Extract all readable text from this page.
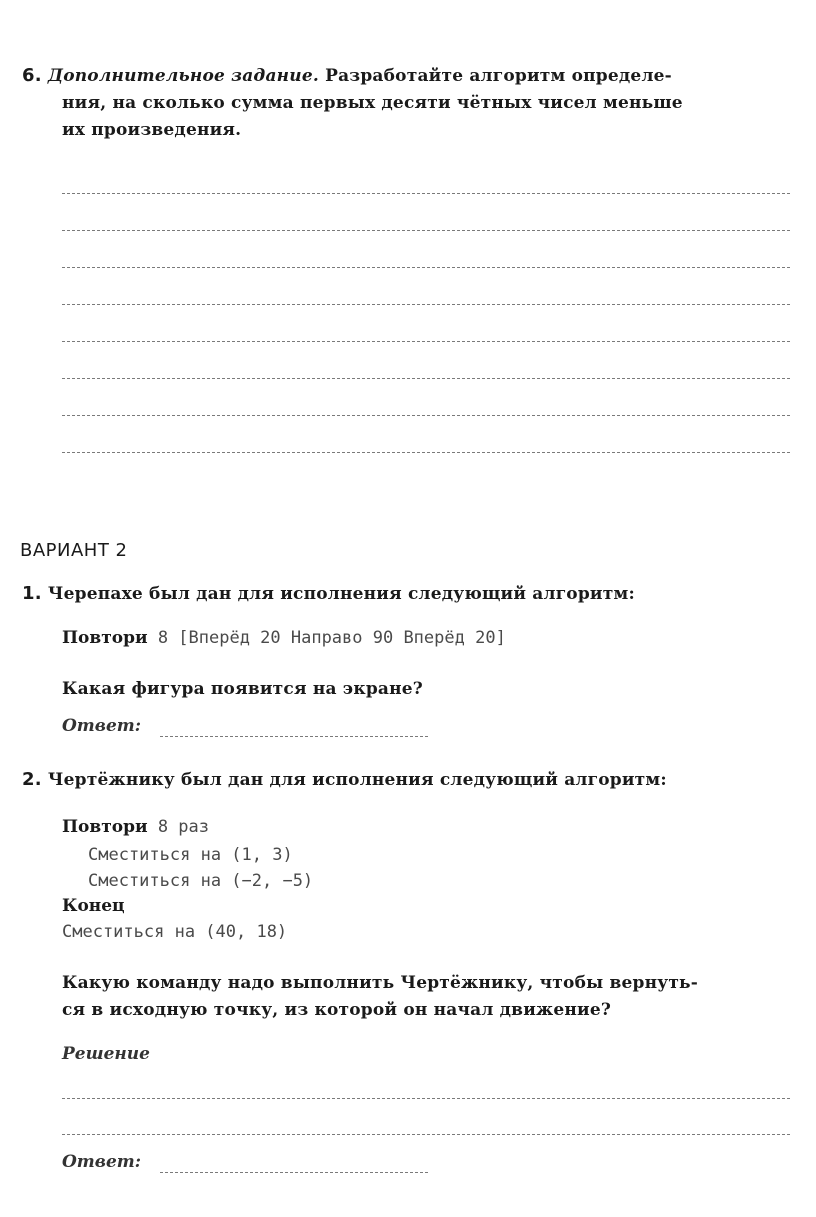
6. Дополнительное задание. Разработайте алгоритм определе-
ния, на сколько сумма первых десяти чётных чисел меньше
их произведения.
ВАРИАНТ 2
1. Черепахе был дан для исполнения следующий алгоритм:
Повтори 8 [Вперёд 20 Направо 90 Вперёд 20]
Какая фигура появится на экране?
Ответ:
2. Чертёжнику был дан для исполнения следующий алгоритм:
Повтори 8 раз
Сместиться на (1, 3)
Сместиться на (−2, −5)
Конец
Сместиться на (40, 18)
Какую команду надо выполнить Чертёжнику, чтобы вернуть-
ся в исходную точку, из которой он начал движение?
Решение
Ответ:
